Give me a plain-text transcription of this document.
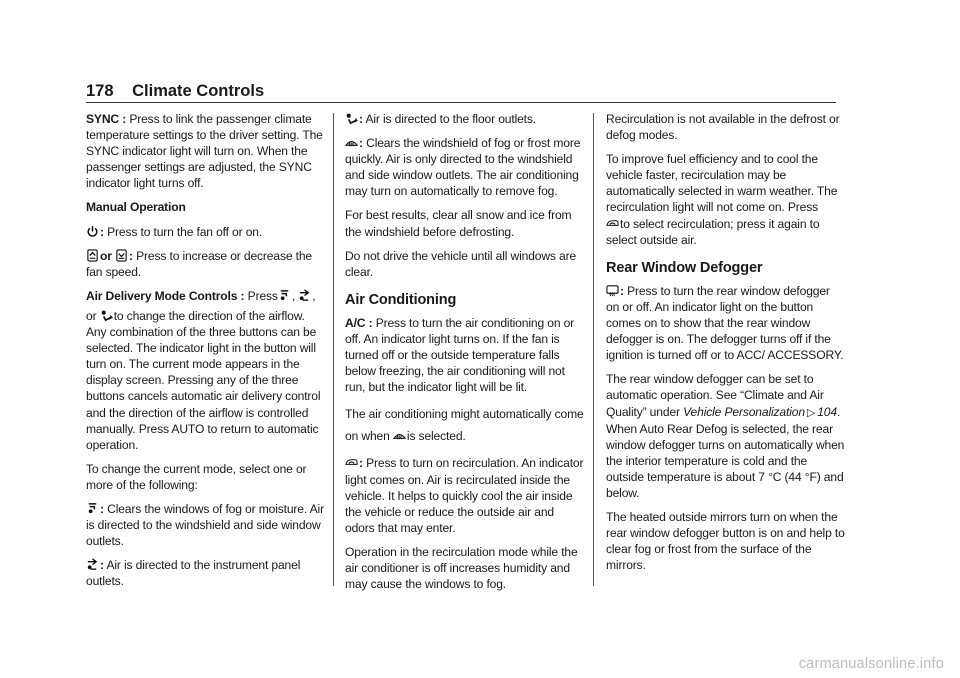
178 Climate Controls

SYNC : Press to link the passenger climate temperature settings to the driver setting. The SYNC indicator light will turn on. When the passenger settings are adjusted, the SYNC indicator light turns off.

Manual Operation

: Press to turn the fan off or on.

or : Press to increase or decrease the fan speed.

Air Delivery Mode Controls : Press ,
,

or to change the direction of the airflow. Any combination of the three buttons can be selected. The indicator light in the button will turn on. The current mode appears in the display screen. Pressing any of the three buttons cancels automatic air delivery control and the direction of the airflow is controlled manually. Press AUTO to return to automatic operation.

To change the current mode, select one or more of the following:

: Clears the windows of fog or moisture. Air is directed to the windshield and side window outlets.

: Air is directed to the instrument panel outlets.

: Air is directed to the floor outlets.

: Clears the windshield of fog or frost more quickly. Air is only directed to the windshield and side window outlets. The air conditioning may turn on automatically to remove fog.

For best results, clear all snow and ice from the windshield before defrosting.

Do not drive the vehicle until all windows are clear.

Air Conditioning

A/C : Press to turn the air conditioning on or off. An indicator light turns on. If the fan is turned off or the outside temperature falls below freezing, the air conditioning will not run, but the indicator light will be lit.

The air conditioning might automatically come on when is selected.

: Press to turn on recirculation. An indicator light comes on. Air is recirculated inside the vehicle. It helps to quickly cool the air inside the vehicle or reduce the outside air and odors that may enter.

Operation in the recirculation mode while the air conditioner is off increases humidity and may cause the windows to fog.

Recirculation is not available in the defrost or defog modes.

To improve fuel efficiency and to cool the vehicle faster, recirculation may be automatically selected in warm weather. The recirculation light will not come on. Press

to select recirculation; press it again to select outside air.

Rear Window Defogger

: Press to turn the rear window defogger on or off. An indicator light on the button comes on to show that the rear window defogger is on. The defogger turns off if the ignition is turned off or to ACC/ ACCESSORY.

The rear window defogger can be set to automatic operation. See “Climate and Air Quality” under Vehicle Personalization ▷ 104. When Auto Rear Defog is selected, the rear window defogger turns on automatically when the interior temperature is cold and the outside temperature is about 7 °C (44 °F) and below.

The heated outside mirrors turn on when the rear window defogger button is on and help to clear fog or frost from the surface of the mirrors.

carmanualsonline.info
